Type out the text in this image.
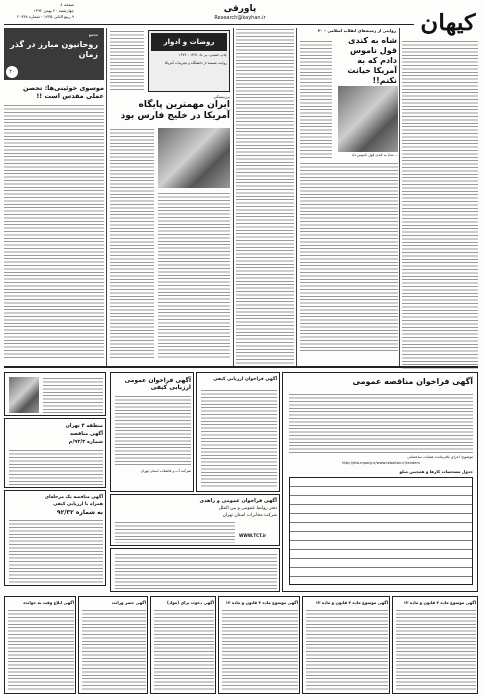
کیهان
پاورقی
Research@kayhan.ir
صفحه ۸
چهارشنبه ۲۰ بهمن ۱۳۹۲
۹ ربیع الثانی ۱۴۳۵ - شماره ۲۰۷۳۸
روایتی از زمینه‌های انقلاب اسلامی - ۲۰
شاه به کندی قول ناموس دادم که به آمریکا خیانت نکنم!!
... شاه به کندی قول ناموس داد
روضات و ادوار
چاپ خمینی، بی تا، ۱۳۷۱ - ۱۳۷۲
روایت مستند از دانشگاه و تجربیات آمریکا
برژینسکی
ایران مهمترین پایگاه آمریکا در خلیج فارس بود
مجمع
روحانیون مبارز در گذر زمان
۲۰
موسوی خوئینی‌ها: تحصن عملی مقدس است !!
آگهی فراخوان مناقصه عمومی
موضوع: اجرای باقی‌مانده عملیات ساختمانی
http://eta.mporg.ir/www.tebolton.ir/tenders
جدول مشخصات کارها و همچنین مبلغ
آگهی فراخوان ارزیابی کیفی
آگهی فراخوان عمومی ارزیابی کیفی
شرکت آب و فاضلاب استان تهران
منطقه ۴ تهران
آگهی مناقصه
شماره ۹۲/۳/م
آگهی مناقصه یک مرحله‌ای
همراه با ارزیابی کیفی
به شماره ۹۲/۳۲
آگهی فراخوان عمومی و زاهدی
دفتر روابط عمومی و بین الملل
شرکت مخابرات استان تهران
WWW.TCT.ir
آگهی موضوع ماده ۴ قانون و ماده ۱۳
آگهی موضوع ماده ۴ قانون و ماده ۱۳
آگهی موضوع ماده ۴ قانون و ماده ۱۳
آگهی دعوت برای (مواد)
آگهی حصر وراثت
آگهی ابلاغ وقت به خوانده
